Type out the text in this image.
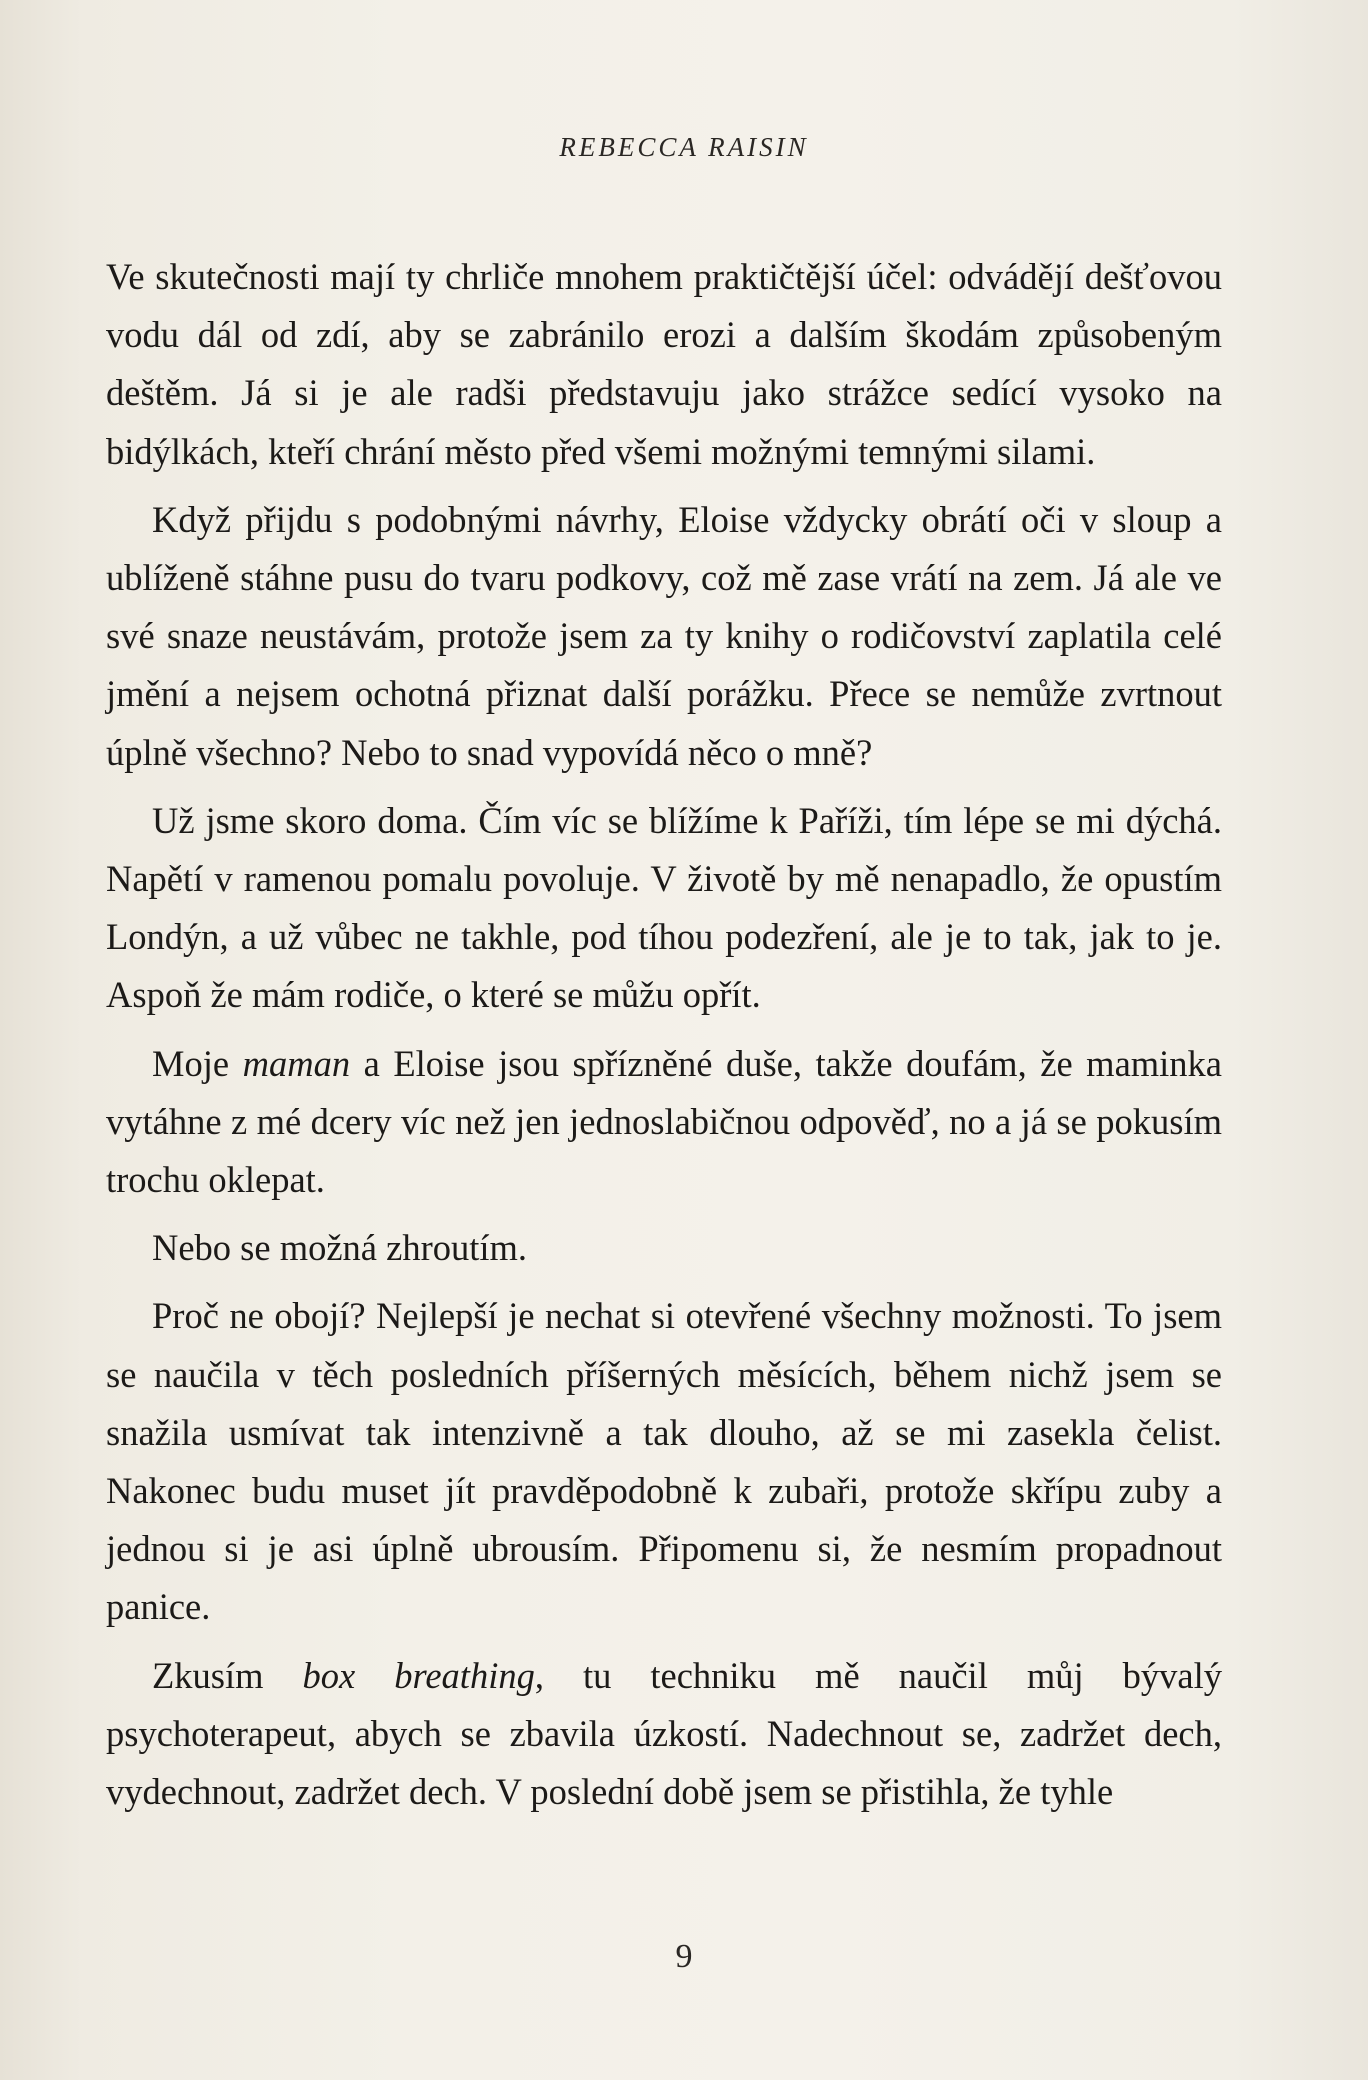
REBECCA RAISIN

Ve skutečnosti mají ty chrliče mnohem praktičtější účel: odvádějí dešťovou vodu dál od zdí, aby se zabránilo erozi a dalším škodám způsobeným deštěm. Já si je ale radši představuju jako strážce sedící vysoko na bidýlkách, kteří chrání město před všemi možnými temnými silami.

Když přijdu s podobnými návrhy, Eloise vždycky obrátí oči v sloup a ublíženě stáhne pusu do tvaru podkovy, což mě zase vrátí na zem. Já ale ve své snaze neustávám, protože jsem za ty knihy o rodičovství zaplatila celé jmění a nejsem ochotná přiznat další porážku. Přece se nemůže zvrtnout úplně všechno? Nebo to snad vypovídá něco o mně?

Už jsme skoro doma. Čím víc se blížíme k Paříži, tím lépe se mi dýchá. Napětí v ramenou pomalu povoluje. V životě by mě nenapadlo, že opustím Londýn, a už vůbec ne takhle, pod tíhou podezření, ale je to tak, jak to je. Aspoň že mám rodiče, o které se můžu opřít.

Moje maman a Eloise jsou spřízněné duše, takže doufám, že maminka vytáhne z mé dcery víc než jen jednoslabičnou odpověď, no a já se pokusím trochu oklepat.

Nebo se možná zhroutím.

Proč ne obojí? Nejlepší je nechat si otevřené všechny možnosti. To jsem se naučila v těch posledních příšerných měsících, během nichž jsem se snažila usmívat tak intenzivně a tak dlouho, až se mi zasekla čelist. Nakonec budu muset jít pravděpodobně k zubaři, protože skřípu zuby a jednou si je asi úplně ubrousím. Připomenu si, že nesmím propadnout panice.

Zkusím box breathing, tu techniku mě naučil můj bývalý psychoterapeut, abych se zbavila úzkostí. Nadechnout se, zadržet dech, vydechnout, zadržet dech. V poslední době jsem se přistihla, že tyhle

9
